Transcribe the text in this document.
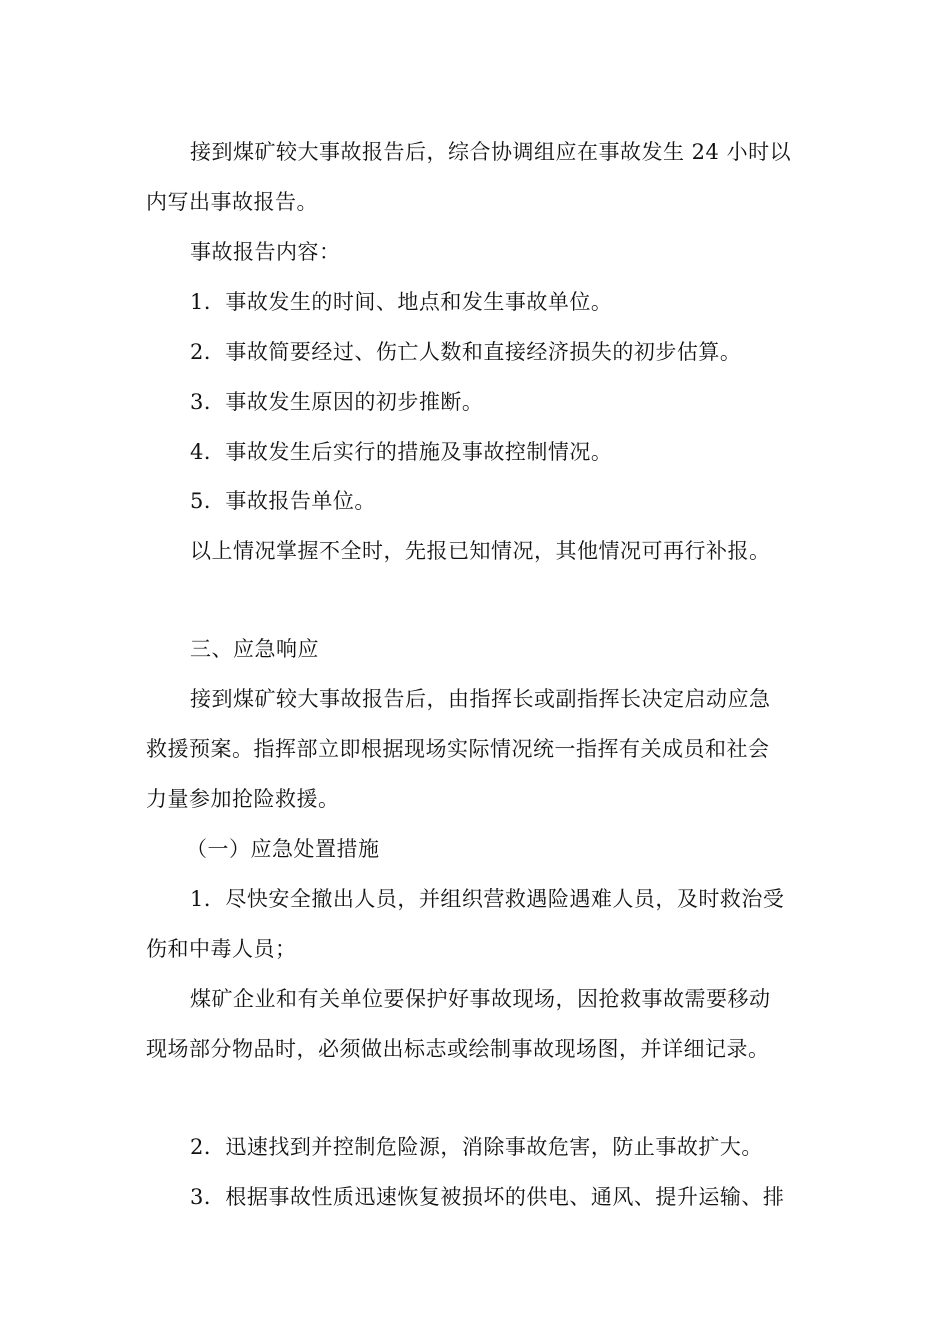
接到煤矿较大事故报告后，综合协调组应在事故发生 24 小时以
内写出事故报告。
事故报告内容：
1．事故发生的时间、地点和发生事故单位。
2．事故简要经过、伤亡人数和直接经济损失的初步估算。
3．事故发生原因的初步推断。
4．事故发生后实行的措施及事故控制情况。
5．事故报告单位。
以上情况掌握不全时，先报已知情况，其他情况可再行补报。
三、应急响应
接到煤矿较大事故报告后，由指挥长或副指挥长决定启动应急
救援预案。指挥部立即根据现场实际情况统一指挥有关成员和社会
力量参加抢险救援。
（一）应急处置措施
1．尽快安全撤出人员，并组织营救遇险遇难人员，及时救治受
伤和中毒人员；
煤矿企业和有关单位要保护好事故现场，因抢救事故需要移动
现场部分物品时，必须做出标志或绘制事故现场图，并详细记录。
2．迅速找到并控制危险源，消除事故危害，防止事故扩大。
3．根据事故性质迅速恢复被损坏的供电、通风、提升运输、排
